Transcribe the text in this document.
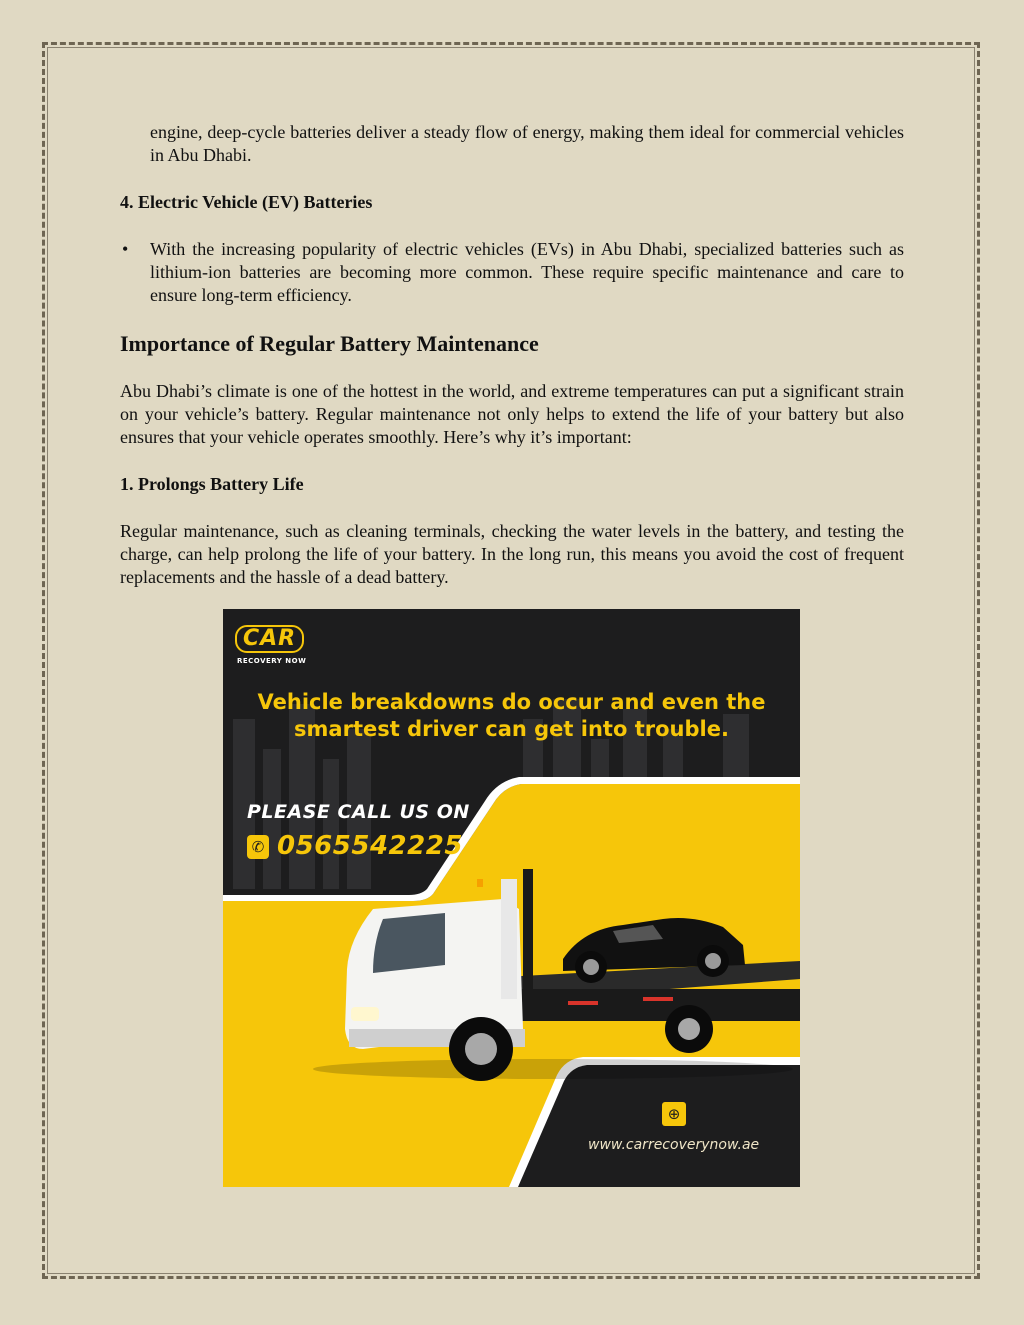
engine, deep-cycle batteries deliver a steady flow of energy, making them ideal for commercial vehicles in Abu Dhabi.

4. Electric Vehicle (EV) Batteries

• With the increasing popularity of electric vehicles (EVs) in Abu Dhabi, specialized batteries such as lithium-ion batteries are becoming more common. These require specific maintenance and care to ensure long-term efficiency.

Importance of Regular Battery Maintenance

Abu Dhabi’s climate is one of the hottest in the world, and extreme temperatures can put a significant strain on your vehicle’s battery. Regular maintenance not only helps to extend the life of your battery but also ensures that your vehicle operates smoothly. Here’s why it’s important:

1. Prolongs Battery Life

Regular maintenance, such as cleaning terminals, checking the water levels in the battery, and testing the charge, can help prolong the life of your battery. In the long run, this means you avoid the cost of frequent replacements and the hassle of a dead battery.

CAR
RECOVERY NOW
Vehicle breakdowns do occur and even the
smartest driver can get into trouble.
PLEASE CALL US ON
✆ 0565542225
⊕
www.carrecoverynow.ae
